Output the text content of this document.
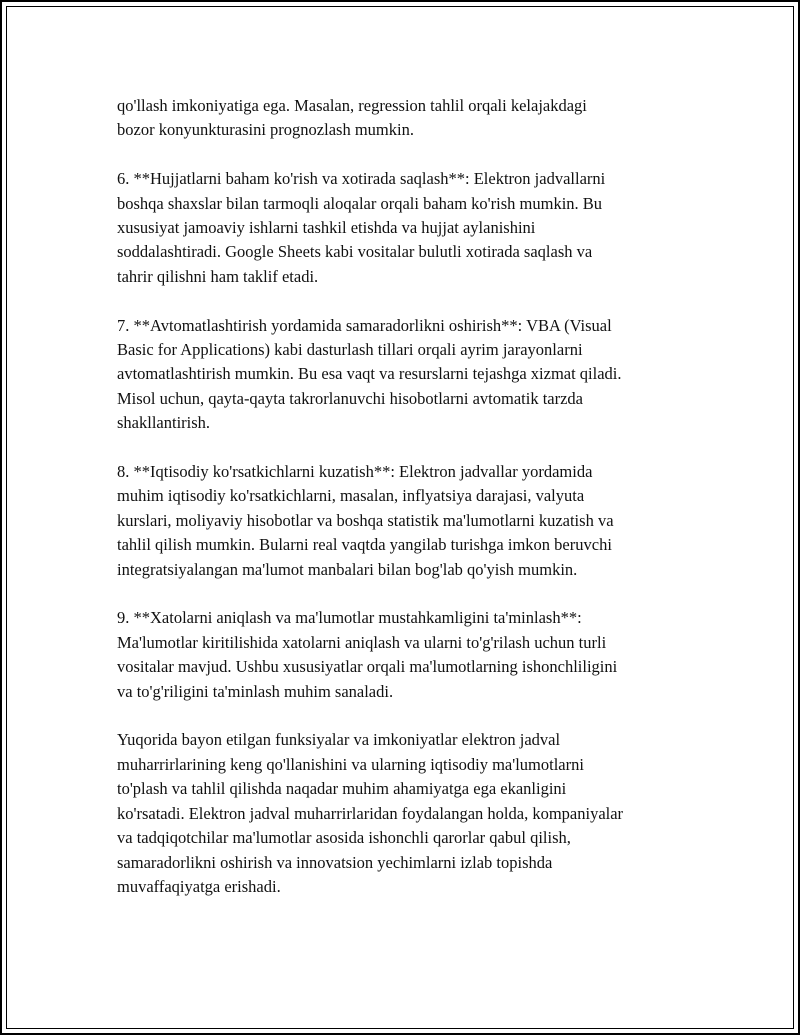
qo'llash imkoniyatiga ega. Masalan, regression tahlil orqali kelajakdagi
bozor konyunkturasini prognozlash mumkin.

6. **Hujjatlarni baham ko'rish va xotirada saqlash**: Elektron jadvallarni
boshqa shaxslar bilan tarmoqli aloqalar orqali baham ko'rish mumkin. Bu
xususiyat jamoaviy ishlarni tashkil etishda va hujjat aylanishini
soddalashtiradi. Google Sheets kabi vositalar bulutli xotirada saqlash va
tahrir qilishni ham taklif etadi.

7. **Avtomatlashtirish yordamida samaradorlikni oshirish**: VBA (Visual
Basic for Applications) kabi dasturlash tillari orqali ayrim jarayonlarni
avtomatlashtirish mumkin. Bu esa vaqt va resurslarni tejashga xizmat qiladi.
Misol uchun, qayta-qayta takrorlanuvchi hisobotlarni avtomatik tarzda
shakllantirish.

8. **Iqtisodiy ko'rsatkichlarni kuzatish**: Elektron jadvallar yordamida
muhim iqtisodiy ko'rsatkichlarni, masalan, inflyatsiya darajasi, valyuta
kurslari, moliyaviy hisobotlar va boshqa statistik ma'lumotlarni kuzatish va
tahlil qilish mumkin. Bularni real vaqtda yangilab turishga imkon beruvchi
integratsiyalangan ma'lumot manbalari bilan bog'lab qo'yish mumkin.

9. **Xatolarni aniqlash va ma'lumotlar mustahkamligini ta'minlash**:
Ma'lumotlar kiritilishida xatolarni aniqlash va ularni to'g'rilash uchun turli
vositalar mavjud. Ushbu xususiyatlar orqali ma'lumotlarning ishonchliligini
va to'g'riligini ta'minlash muhim sanaladi.

Yuqorida bayon etilgan funksiyalar va imkoniyatlar elektron jadval
muharrirlarining keng qo'llanishini va ularning iqtisodiy ma'lumotlarni
to'plash va tahlil qilishda naqadar muhim ahamiyatga ega ekanligini
ko'rsatadi. Elektron jadval muharrirlaridan foydalangan holda, kompaniyalar
va tadqiqotchilar ma'lumotlar asosida ishonchli qarorlar qabul qilish,
samaradorlikni oshirish va innovatsion yechimlarni izlab topishda
muvaffaqiyatga erishadi.
